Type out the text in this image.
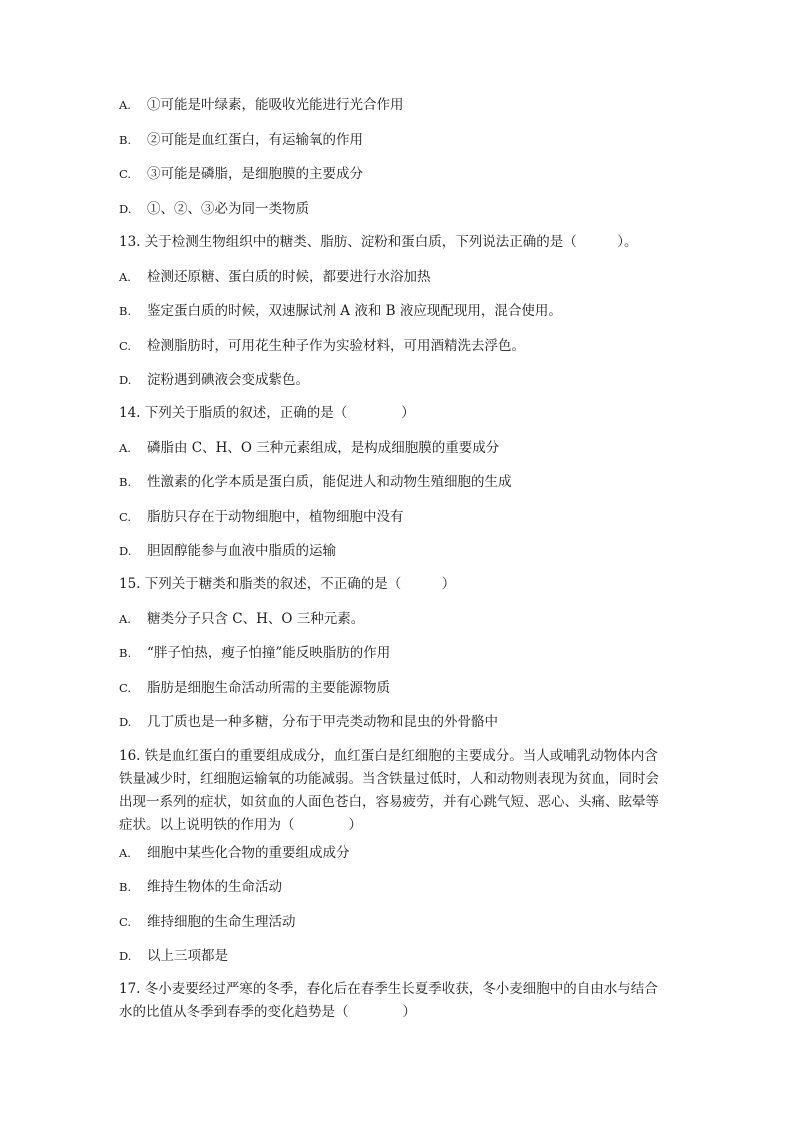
A. ①可能是叶绿素，能吸收光能进行光合作用
B. ②可能是血红蛋白，有运输氧的作用
C. ③可能是磷脂，是细胞膜的主要成分
D. ①、②、③必为同一类物质
13. 关于检测生物组织中的糖类、脂肪、淀粉和蛋白质，下列说法正确的是（　　　）。
A. 检测还原糖、蛋白质的时候，都要进行水浴加热
B. 鉴定蛋白质的时候，双速脲试剂 A 液和 B 液应现配现用，混合使用。
C. 检测脂肪时，可用花生种子作为实验材料，可用酒精洗去浮色。
D. 淀粉遇到碘液会变成紫色。
14. 下列关于脂质的叙述，正确的是（　　　　）
A. 磷脂由 C、H、O 三种元素组成，是构成细胞膜的重要成分
B. 性激素的化学本质是蛋白质，能促进人和动物生殖细胞的生成
C. 脂肪只存在于动物细胞中，植物细胞中没有
D. 胆固醇能参与血液中脂质的运输
15. 下列关于糖类和脂类的叙述，不正确的是（　　　）
A. 糖类分子只含 C、H、O 三种元素。
B. “胖子怕热，瘦子怕撞”能反映脂肪的作用
C. 脂肪是细胞生命活动所需的主要能源物质
D. 几丁质也是一种多糖，分布于甲壳类动物和昆虫的外骨骼中
16. 铁是血红蛋白的重要组成成分，血红蛋白是红细胞的主要成分。当人或哺乳动物体内含
铁量减少时，红细胞运输氧的功能减弱。当含铁量过低时，人和动物则表现为贫血，同时会
出现一系列的症状，如贫血的人面色苍白，容易疲劳，并有心跳气短、恶心、头痛、眩晕等
症状。以上说明铁的作用为（　　　　）
A. 细胞中某些化合物的重要组成成分
B. 维持生物体的生命活动
C. 维持细胞的生命生理活动
D. 以上三项都是
17. 冬小麦要经过严寒的冬季，春化后在春季生长夏季收获，冬小麦细胞中的自由水与结合
水的比值从冬季到春季的变化趋势是（　　　　）
